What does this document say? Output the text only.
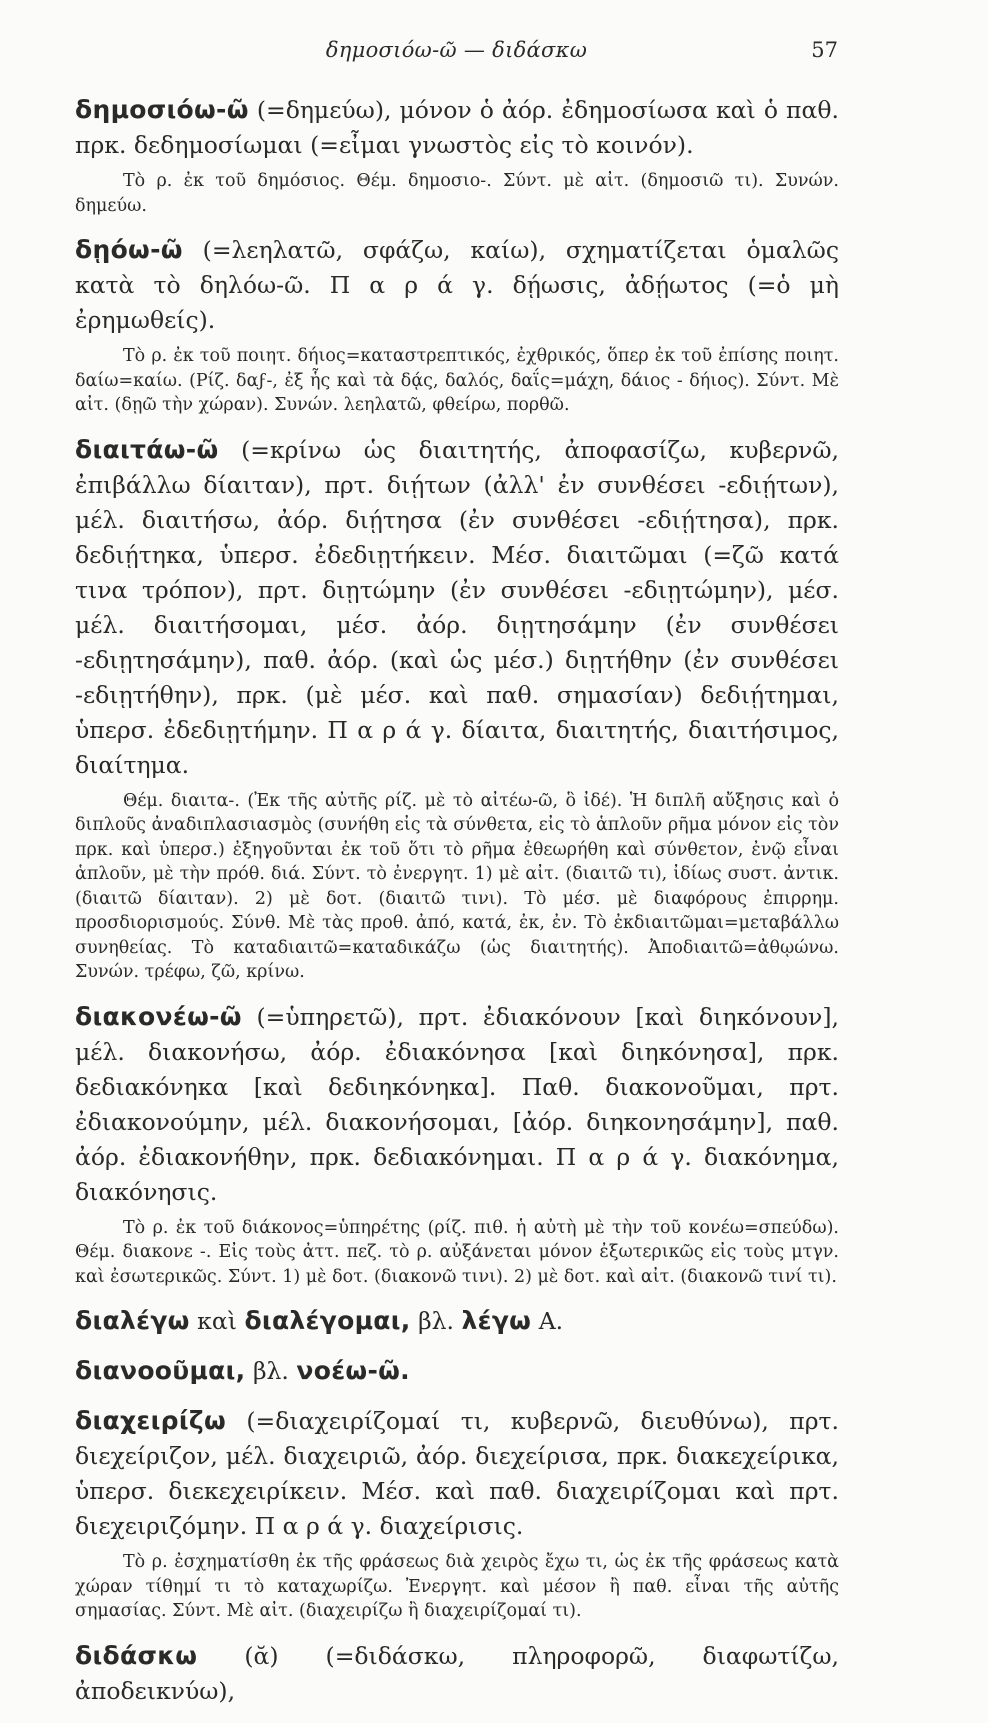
δημοσιόω-ῶ — διδάσκω	57

δημοσιόω-ῶ (=δημεύω), μόνον ὁ ἀόρ. ἐδημοσίωσα καὶ ὁ παθ. πρκ. δεδημοσίωμαι (=εἶμαι γνωστὸς εἰς τὸ κοινόν).

Τὸ ρ. ἐκ τοῦ δημόσιος. Θέμ. δημοσιο-. Σύντ. μὲ αἰτ. (δημοσιῶ τι). Συνών. δημεύω.

δῃόω-ῶ (=λεηλατῶ, σφάζω, καίω), σχηματίζεται ὁμαλῶς κατὰ τὸ δηλόω-ῶ. Π α ρ ά γ. δῄωσις, ἀδῄωτος (=ὁ μὴ ἐρημωθείς).

Τὸ ρ. ἐκ τοῦ ποιητ. δήιος=καταστρεπτικός, ἐχθρικός, ὅπερ ἐκ τοῦ ἐπίσης ποιητ. δαίω=καίω. (Ρίζ. δαϝ-, ἐξ ἧς καὶ τὰ δᾴς, δαλός, δαΐς=μάχη, δάιος - δήιος). Σύντ. Μὲ αἰτ. (δῃῶ τὴν χώραν). Συνών. λεηλατῶ, φθείρω, πορθῶ.

διαιτάω-ῶ (=κρίνω ὡς διαιτητής, ἀποφασίζω, κυβερνῶ, ἐπιβάλλω δίαιταν), πρτ. διῄτων (ἀλλ' ἐν συνθέσει -εδιῄτων), μέλ. διαιτήσω, ἀόρ. διῄτησα (ἐν συνθέσει -εδιῄτησα), πρκ. δεδιῄτηκα, ὑπερσ. ἐδεδιῃτήκειν. Μέσ. διαιτῶμαι (=ζῶ κατά τινα τρόπον), πρτ. διῃτώμην (ἐν συνθέσει -εδιῃτώμην), μέσ. μέλ. διαιτήσομαι, μέσ. ἀόρ. διῃτησάμην (ἐν συνθέσει -εδιῃτησάμην), παθ. ἀόρ. (καὶ ὡς μέσ.) διῃτήθην (ἐν συνθέσει -εδιῃτήθην), πρκ. (μὲ μέσ. καὶ παθ. σημασίαν) δεδιῄτημαι, ὑπερσ. ἐδεδιῃτήμην. Π α ρ ά γ. δίαιτα, διαιτητής, διαιτήσιμος, διαίτημα.

Θέμ. διαιτα-. (Ἐκ τῆς αὐτῆς ρίζ. μὲ τὸ αἰτέω-ῶ, ὃ ἰδέ). Ἡ διπλῆ αὔξησις καὶ ὁ διπλοῦς ἀναδιπλασιασμὸς (συνήθη εἰς τὰ σύνθετα, εἰς τὸ ἁπλοῦν ρῆμα μόνον εἰς τὸν πρκ. καὶ ὑπερσ.) ἐξηγοῦνται ἐκ τοῦ ὅτι τὸ ρῆμα ἐθεωρήθη καὶ σύνθετον, ἐνῷ εἶναι ἁπλοῦν, μὲ τὴν πρόθ. διά. Σύντ. τὸ ἐνεργητ. 1) μὲ αἰτ. (διαιτῶ τι), ἰδίως συστ. ἀντικ. (διαιτῶ δίαιταν). 2) μὲ δοτ. (διαιτῶ τινι). Τὸ μέσ. μὲ διαφόρους ἐπιρρημ. προσδιορισμούς. Σύνθ. Μὲ τὰς προθ. ἀπό, κατά, ἐκ, ἐν. Τὸ ἐκδιαιτῶμαι=μεταβάλλω συνηθείας. Τὸ καταδιαιτῶ=καταδικάζω (ὡς διαιτητής). Ἀποδιαιτῶ=ἀθῳώνω. Συνών. τρέφω, ζῶ, κρίνω.

διακονέω-ῶ (=ὑπηρετῶ), πρτ. ἐδιακόνουν [καὶ διηκόνουν], μέλ. διακονήσω, ἀόρ. ἐδιακόνησα [καὶ διηκόνησα], πρκ. δεδιακόνηκα [καὶ δεδιηκόνηκα]. Παθ. διακονοῦμαι, πρτ. ἐδιακονούμην, μέλ. διακονήσομαι, [ἀόρ. διηκονησάμην], παθ. ἀόρ. ἐδιακονήθην, πρκ. δεδιακόνημαι. Π α ρ ά γ. διακόνημα, διακόνησις.

Τὸ ρ. ἐκ τοῦ διάκονος=ὑπηρέτης (ρίζ. πιθ. ἡ αὐτὴ μὲ τὴν τοῦ κονέω=σπεύδω). Θέμ. διακονε -. Εἰς τοὺς ἀττ. πεζ. τὸ ρ. αὐξάνεται μόνον ἐξωτερικῶς εἰς τοὺς μτγν. καὶ ἐσωτερικῶς. Σύντ. 1) μὲ δοτ. (διακονῶ τινι). 2) μὲ δοτ. καὶ αἰτ. (διακονῶ τινί τι).

διαλέγω καὶ διαλέγομαι, βλ. λέγω Α.

διανοοῦμαι, βλ. νοέω-ῶ.

διαχειρίζω (=διαχειρίζομαί τι, κυβερνῶ, διευθύνω), πρτ. διεχείριζον, μέλ. διαχειριῶ, ἀόρ. διεχείρισα, πρκ. διακεχείρικα, ὑπερσ. διεκεχειρίκειν. Μέσ. καὶ παθ. διαχειρίζομαι καὶ πρτ. διεχειριζόμην. Π α ρ ά γ. διαχείρισις.

Τὸ ρ. ἐσχηματίσθη ἐκ τῆς φράσεως διὰ χειρὸς ἔχω τι, ὡς ἐκ τῆς φράσεως κατὰ χώραν τίθημί τι τὸ καταχωρίζω. Ἐνεργητ. καὶ μέσον ἢ παθ. εἶναι τῆς αὐτῆς σημασίας. Σύντ. Μὲ αἰτ. (διαχειρίζω ἢ διαχειρίζομαί τι).

διδάσκω (ᾰ) (=διδάσκω, πληροφορῶ, διαφωτίζω, ἀποδεικνύω),
